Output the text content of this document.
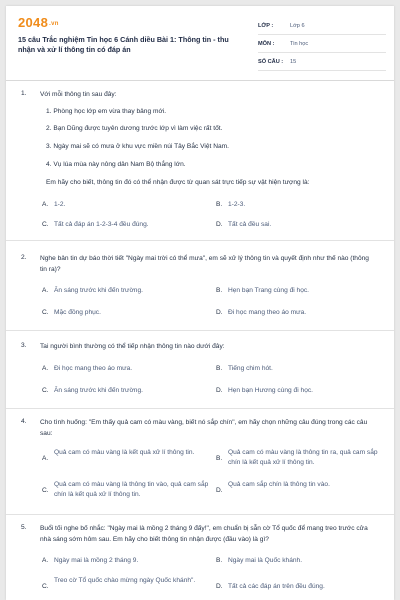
2048.vn
15 câu Trắc nghiệm Tin học 6 Cánh diều Bài 1: Thông tin - thu nhận và xử lí thông tin có đáp án
LỚP :	Lớp 6
MÔN :	Tin học
SỐ CÂU :	15
1. Với mỗi thông tin sau đây:
1. Phòng học lớp em vừa thay bảng mới.
2. Bạn Dũng được tuyên dương trước lớp vì làm việc rất tốt.
3. Ngày mai sẽ có mưa ở khu vực miền núi Tây Bắc Việt Nam.
4. Vụ lúa mùa này nông dân Nam Bộ thắng lớn.
Em hãy cho biết, thông tin đó có thể nhận được từ quan sát trực tiếp sự vật hiện tượng là:
A. 1-2.	B. 1-2-3.
C. Tất cả đáp án 1-2-3-4 đều đúng.	D. Tất cả đều sai.
2. Nghe bản tin dự báo thời tiết "Ngày mai trời có thể mưa", em sẽ xử lý thông tin và quyết định như thế nào (thông tin ra)?
A. Ăn sáng trước khi đến trường.	B. Hẹn bạn Trang cùng đi học.
C. Mặc đồng phục.	D. Đi học mang theo áo mưa.
3. Tai người bình thường có thể tiếp nhận thông tin nào dưới đây:
A. Đi học mang theo áo mưa.	B. Tiếng chim hót.
C. Ăn sáng trước khi đến trường.	D. Hẹn bạn Hương cùng đi học.
4. Cho tình huống: "Em thấy quả cam có màu vàng, biết nó sắp chín", em hãy chọn những câu đúng trong các câu sau:
A.
Quả cam có màu vàng là kết quả xử lí thông tin.
B.
Quả cam có màu vàng là thông tin ra, quả cam sắp chín là kết quả xử lí thông tin.
C.
Quả cam có màu vàng là thông tin vào, quả cam sắp chín là kết quả xử lí thông tin.
D.
Quả cam sắp chín là thông tin vào.
5. Buổi tối nghe bố nhắc: "Ngày mai là mồng 2 tháng 9 đấy!", em chuẩn bị sẵn cờ Tổ quốc để mang treo trước cửa nhà sáng sớm hôm sau. Em hãy cho biết thông tin nhận được (đầu vào) là gì?
A. Ngày mai là mồng 2 tháng 9.	B. Ngày mai là Quốc khánh.
C.
Treo cờ Tổ quốc chào mừng ngày Quốc khánh".
D. Tất cả các đáp án trên đều đúng.
